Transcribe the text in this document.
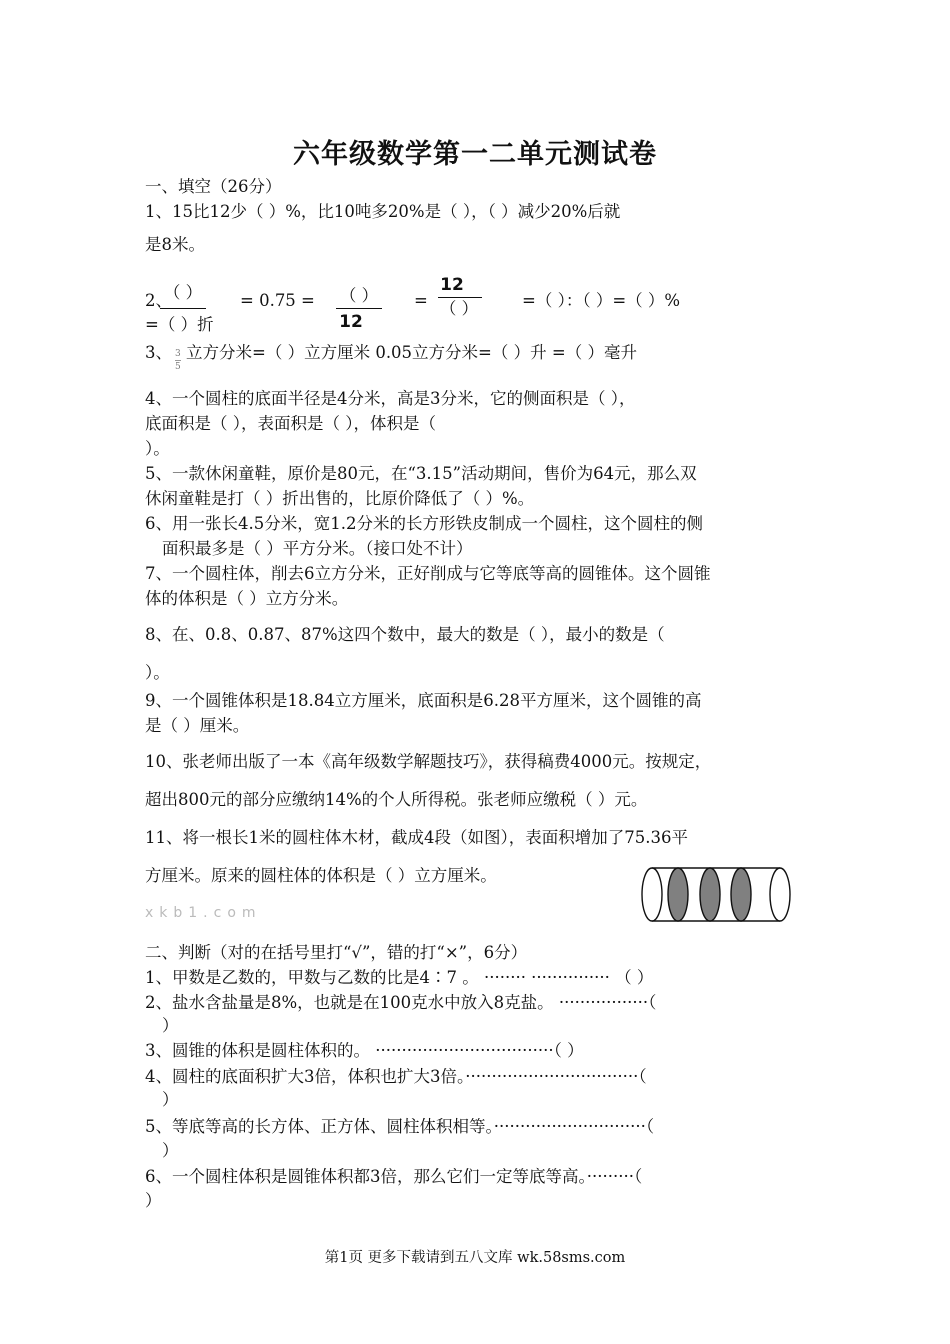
六年级数学第一二单元测试卷
一、填空（26分）
1、15比12少（ ）%，比10吨多20%是（ ），（ ）减少20%后就
是8米。
2、
（ ） = 0.75 = （ ）
12
=
12
（ ）	=（ ）：（ ）=（ ）%
=（ ）折
3、 3
5
立方分米=（ ）立方厘米 0.05立方分米=（ ）升 =（ ）毫升
4、一个圆柱的底面半径是4分米，高是3分米，它的侧面积是（ ），
底面积是（ ），表面积是（ ），体积是（
）。
5、一款休闲童鞋，原价是80元，在“3.15”活动期间，售价为64元，那么双
休闲童鞋是打（ ）折出售的，比原价降低了（ ）%。
6、用一张长4.5分米，宽1.2分米的长方形铁皮制成一个圆柱，这个圆柱的侧
面积最多是（ ）平方分米。（接口处不计）
7、一个圆柱体，削去6立方分米，正好削成与它等底等高的圆锥体。这个圆锥
体的体积是（ ）立方分米。
8、在、0.8、0.87、87%这四个数中，最大的数是（ ），最小的数是（
）。
9、一个圆锥体积是18.84立方厘米，底面积是6.28平方厘米，这个圆锥的高
是（ ）厘米。
10、张老师出版了一本《高年级数学解题技巧》，获得稿费4000元。按规定，
超出800元的部分应缴纳14%的个人所得税。张老师应缴税（ ）元。
11、将一根长1米的圆柱体木材，截成4段（如图），表面积增加了75.36平
方厘米。原来的圆柱体的体积是（ ）立方厘米。
xkb1.com
二、判断（对的在括号里打“√”，错的打“×”，6分）
1、甲数是乙数的，甲数与乙数的比是4∶7 。 ········ ··············· （ ）
2、盐水含盐量是8%，也就是在100克水中放入8克盐。 ·················（
）
3、圆锥的体积是圆柱体积的。 ··································（ ）
4、圆柱的底面积扩大3倍，体积也扩大3倍。·································（
）
5、等底等高的长方体、正方体、圆柱体积相等。·····························（
）
6、一个圆柱体积是圆锥体积都3倍，那么它们一定等底等高。·········（
）
第1页 更多下载请到五八文库 wk.58sms.com
